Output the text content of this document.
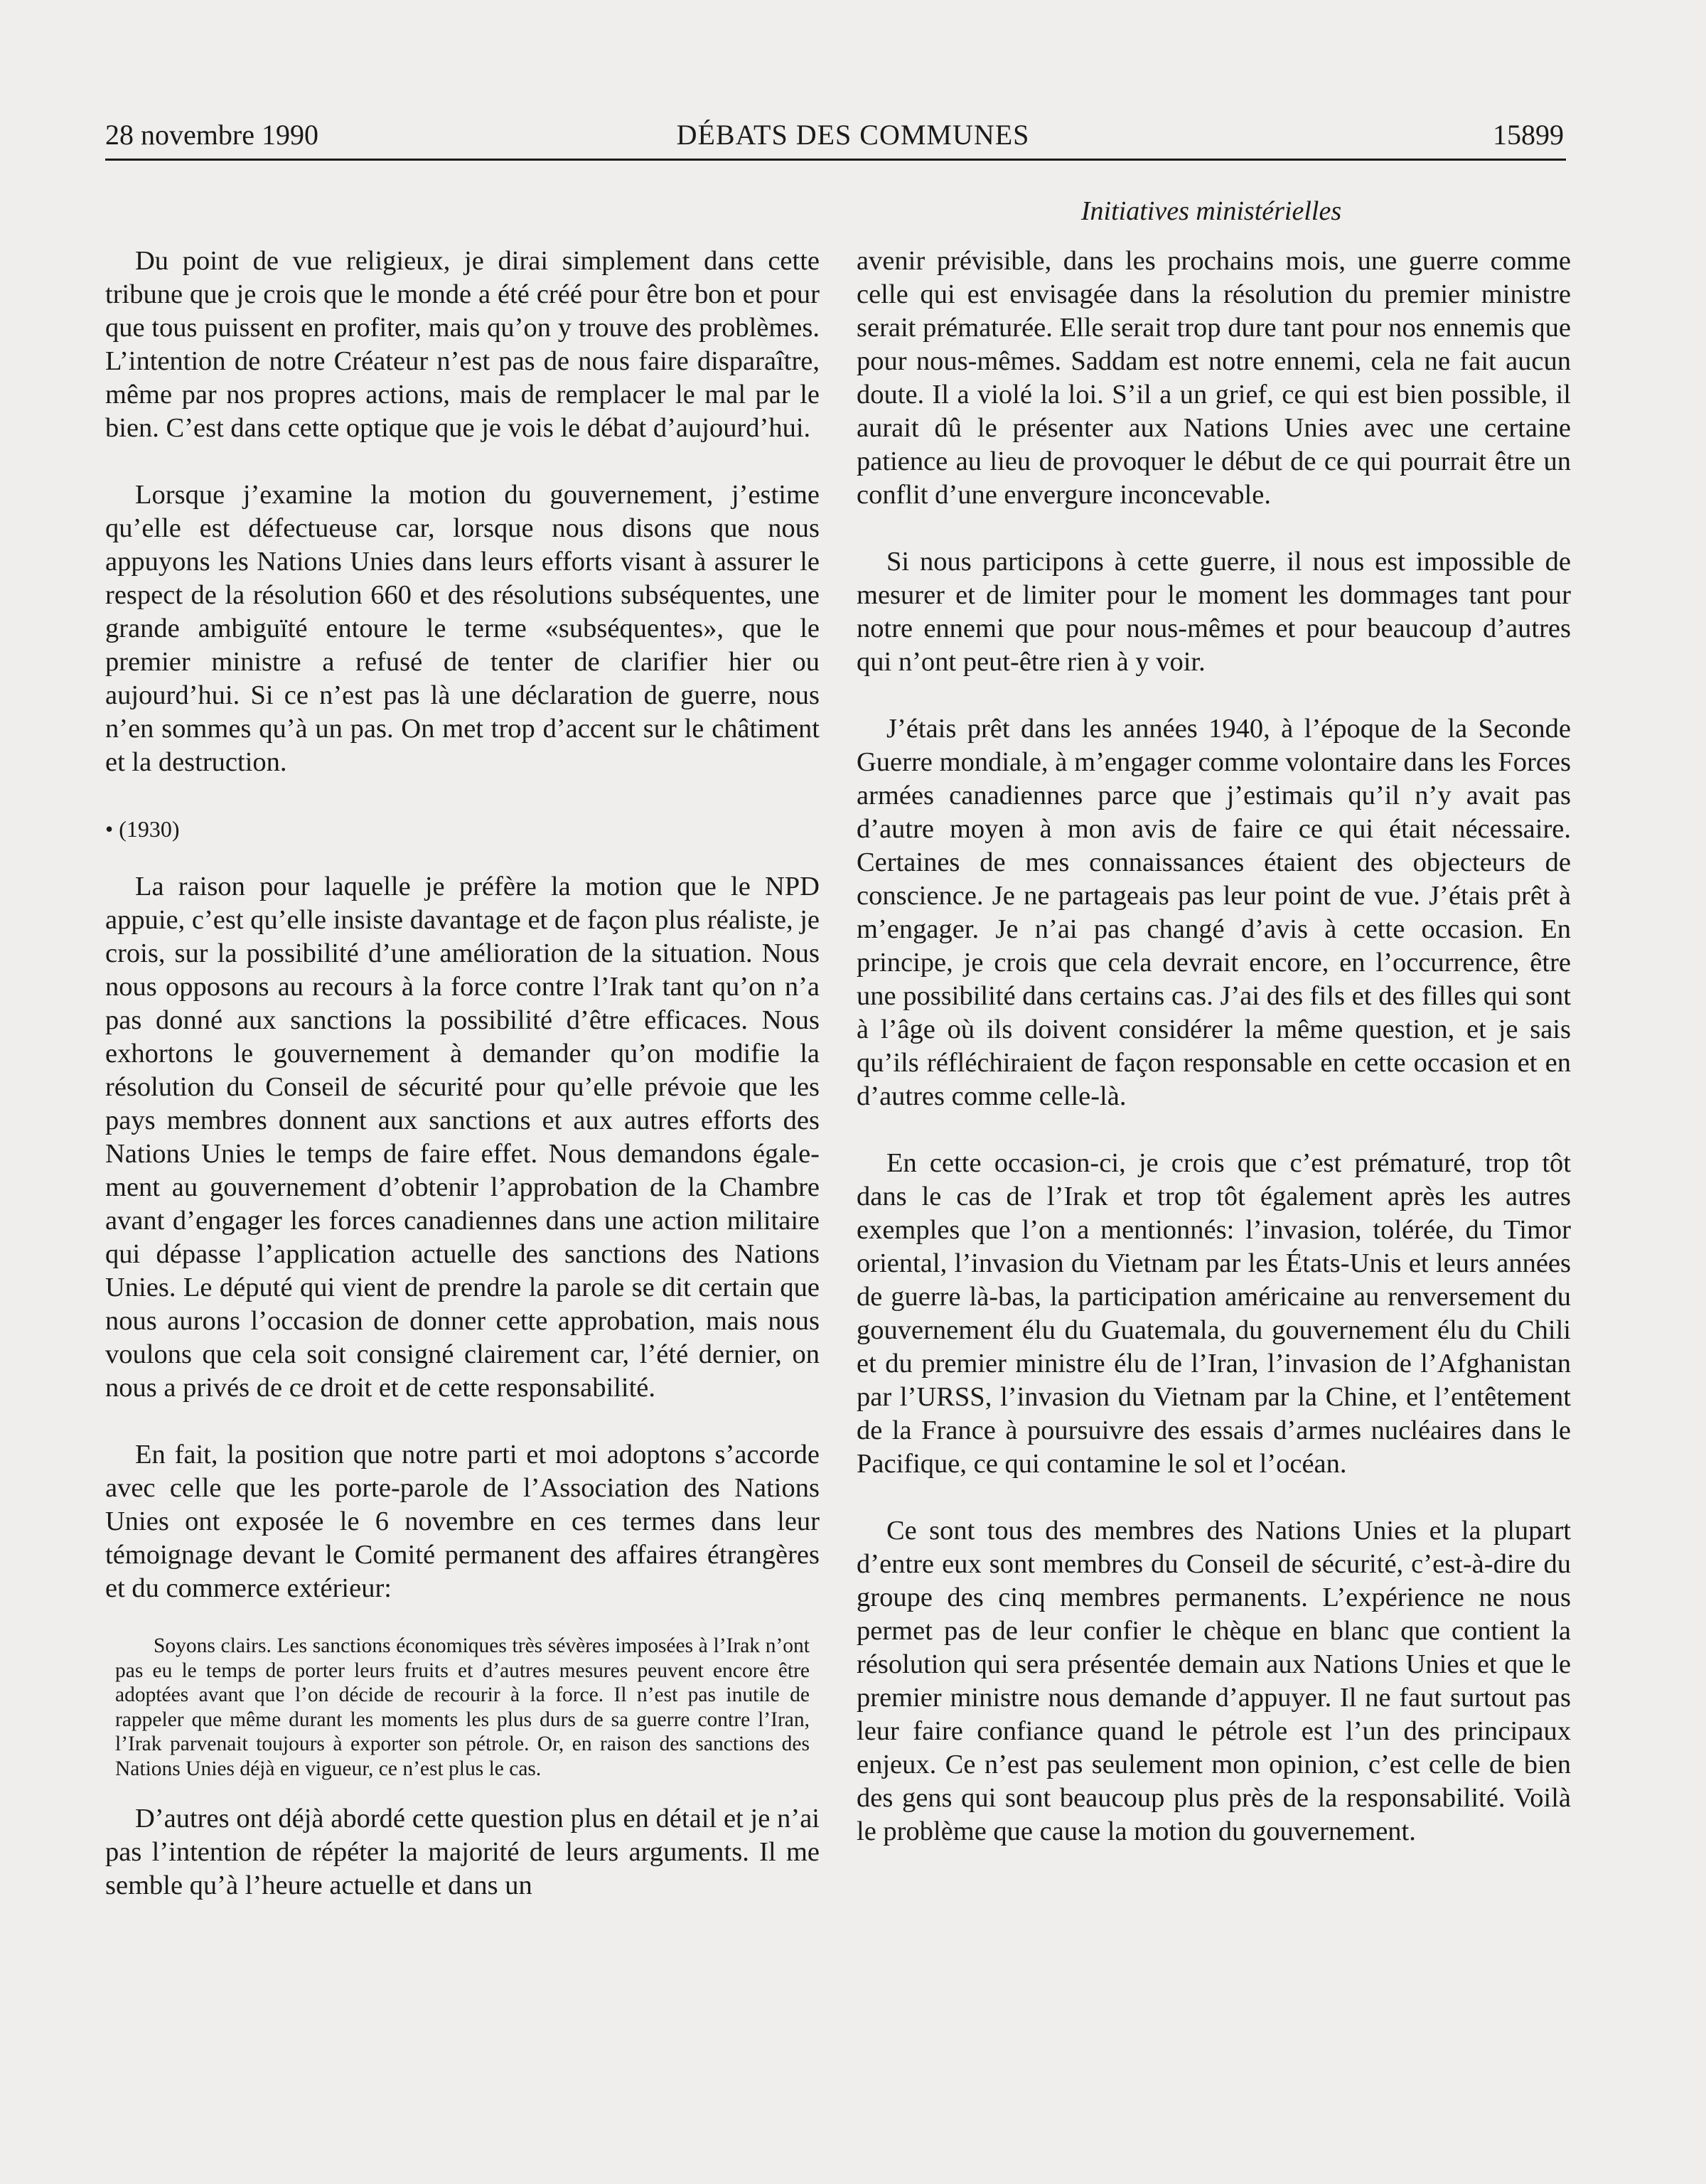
28 novembre 1990	DÉBATS DES COMMUNES	15899
Initiatives ministérielles

Du point de vue religieux, je dirai simplement dans cette tribune que je crois que le monde a été créé pour être bon et pour que tous puissent en profiter, mais qu’on y trouve des problèmes. L’intention de notre Créateur n’est pas de nous faire disparaître, même par nos propres actions, mais de remplacer le mal par le bien. C’est dans cette optique que je vois le débat d’aujourd’hui.

Lorsque j’examine la motion du gouvernement, j’estime qu’elle est défectueuse car, lorsque nous disons que nous appuyons les Nations Unies dans leurs efforts visant à assurer le respect de la résolution 660 et des résolutions subséquentes, une grande ambiguïté entoure le terme «subséquentes», que le premier ministre a refusé de tenter de clarifier hier ou aujourd’hui. Si ce n’est pas là une déclaration de guerre, nous n’en sommes qu’à un pas. On met trop d’accent sur le châtiment et la destruction.

• (1930)

La raison pour laquelle je préfère la motion que le NPD appuie, c’est qu’elle insiste davantage et de façon plus réaliste, je crois, sur la possibilité d’une amélioration de la situation. Nous nous opposons au recours à la force contre l’Irak tant qu’on n’a pas donné aux sanctions la possibilité d’être efficaces. Nous exhortons le gouvernement à demander qu’on modifie la résolution du Conseil de sécurité pour qu’elle prévoie que les pays membres donnent aux sanctions et aux autres efforts des Nations Unies le temps de faire effet. Nous demandons également au gouvernement d’obtenir l’approbation de la Chambre avant d’engager les forces canadiennes dans une action militaire qui dépasse l’application actuelle des sanctions des Nations Unies. Le député qui vient de prendre la parole se dit certain que nous aurons l’occasion de donner cette approbation, mais nous voulons que cela soit consigné clairement car, l’été dernier, on nous a privés de ce droit et de cette responsabilité.

En fait, la position que notre parti et moi adoptons s’accorde avec celle que les porte-parole de l’Association des Nations Unies ont exposée le 6 novembre en ces termes dans leur témoignage devant le Comité permanent des affaires étrangères et du commerce extérieur:

Soyons clairs. Les sanctions économiques très sévères imposées à l’Irak n’ont pas eu le temps de porter leurs fruits et d’autres mesures peuvent encore être adoptées avant que l’on décide de recourir à la force. Il n’est pas inutile de rappeler que même durant les moments les plus durs de sa guerre contre l’Iran, l’Irak parvenait toujours à exporter son pétrole. Or, en raison des sanctions des Nations Unies déjà en vigueur, ce n’est plus le cas.

D’autres ont déjà abordé cette question plus en détail et je n’ai pas l’intention de répéter la majorité de leurs arguments. Il me semble qu’à l’heure actuelle et dans un

avenir prévisible, dans les prochains mois, une guerre comme celle qui est envisagée dans la résolution du premier ministre serait prématurée. Elle serait trop dure tant pour nos ennemis que pour nous-mêmes. Saddam est notre ennemi, cela ne fait aucun doute. Il a violé la loi. S’il a un grief, ce qui est bien possible, il aurait dû le présenter aux Nations Unies avec une certaine patience au lieu de provoquer le début de ce qui pourrait être un conflit d’une envergure inconcevable.

Si nous participons à cette guerre, il nous est impossible de mesurer et de limiter pour le moment les dommages tant pour notre ennemi que pour nous-mêmes et pour beaucoup d’autres qui n’ont peut-être rien à y voir.

J’étais prêt dans les années 1940, à l’époque de la Seconde Guerre mondiale, à m’engager comme volontaire dans les Forces armées canadiennes parce que j’estimais qu’il n’y avait pas d’autre moyen à mon avis de faire ce qui était nécessaire. Certaines de mes connaissances étaient des objecteurs de conscience. Je ne partageais pas leur point de vue. J’étais prêt à m’engager. Je n’ai pas changé d’avis à cette occasion. En principe, je crois que cela devrait encore, en l’occurrence, être une possibilité dans certains cas. J’ai des fils et des filles qui sont à l’âge où ils doivent considérer la même question, et je sais qu’ils réfléchiraient de façon responsable en cette occasion et en d’autres comme celle-là.

En cette occasion-ci, je crois que c’est prématuré, trop tôt dans le cas de l’Irak et trop tôt également après les autres exemples que l’on a mentionnés: l’invasion, tolérée, du Timor oriental, l’invasion du Vietnam par les États-Unis et leurs années de guerre là-bas, la participation américaine au renversement du gouvernement élu du Guatemala, du gouvernement élu du Chili et du premier ministre élu de l’Iran, l’invasion de l’Afghanistan par l’URSS, l’invasion du Vietnam par la Chine, et l’entêtement de la France à poursuivre des essais d’armes nucléaires dans le Pacifique, ce qui contamine le sol et l’océan.

Ce sont tous des membres des Nations Unies et la plupart d’entre eux sont membres du Conseil de sécurité, c’est-à-dire du groupe des cinq membres permanents. L’expérience ne nous permet pas de leur confier le chèque en blanc que contient la résolution qui sera présentée demain aux Nations Unies et que le premier ministre nous demande d’appuyer. Il ne faut surtout pas leur faire confiance quand le pétrole est l’un des principaux enjeux. Ce n’est pas seulement mon opinion, c’est celle de bien des gens qui sont beaucoup plus près de la responsabilité. Voilà le problème que cause la motion du gouvernement.
